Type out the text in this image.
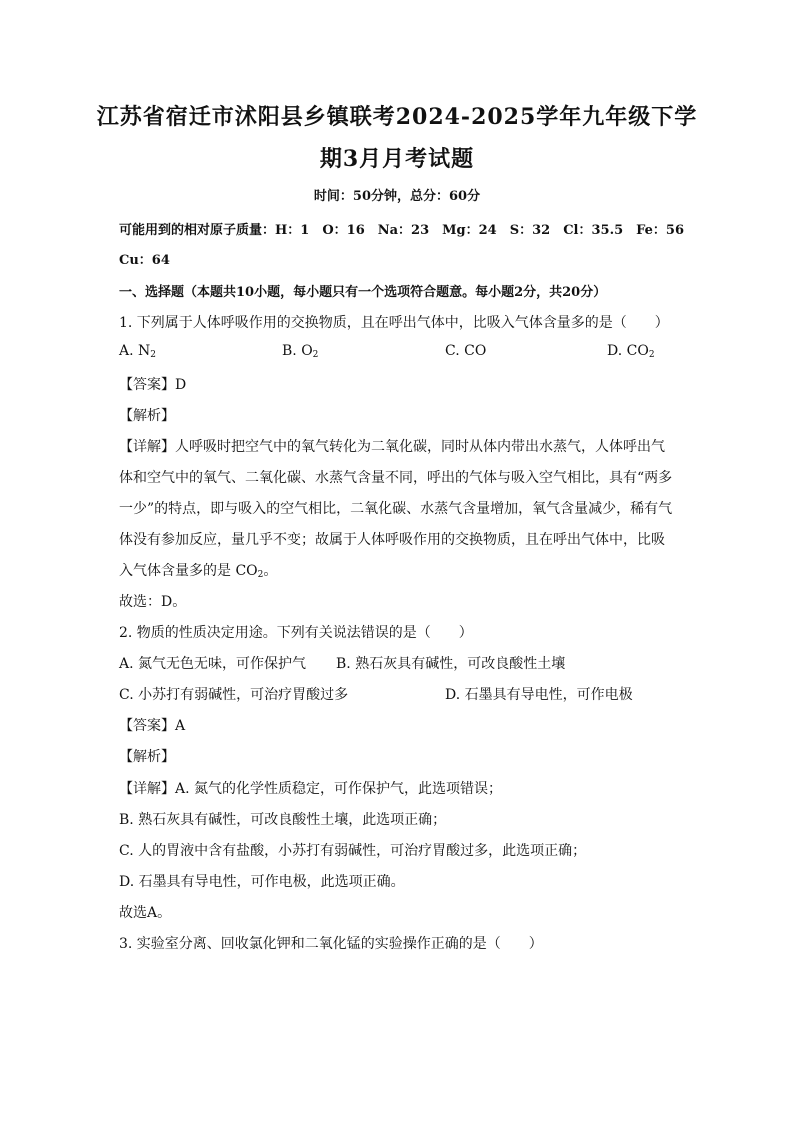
江苏省宿迁市沭阳县乡镇联考2024-2025学年九年级下学
期3月月考试题
时间：50分钟，总分：60分
可能用到的相对原子质量：H：1　O：16　Na：23　Mg：24　S：32　Cl：35.5　Fe：56
Cu：64
一、选择题（本题共10小题，每小题只有一个选项符合题意。每小题2分，共20分）
1. 下列属于人体呼吸作用的交换物质，且在呼出气体中，比吸入气体含量多的是（　　）
A. $N_2$	B. $O_2$	C. CO	D. $CO_2$
【答案】D
【解析】
【详解】人呼吸时把空气中的氧气转化为二氧化碳，同时从体内带出水蒸气，人体呼出气
体和空气中的氧气、二氧化碳、水蒸气含量不同，呼出的气体与吸入空气相比，具有“两多
一少”的特点，即与吸入的空气相比，二氧化碳、水蒸气含量增加，氧气含量减少，稀有气
体没有参加反应，量几乎不变；故属于人体呼吸作用的交换物质，且在呼出气体中，比吸
入气体含量多的是 $CO_2$。
故选：D。
2. 物质的性质决定用途。下列有关说法错误的是（　　）
A. 氮气无色无味，可作保护气 B. 熟石灰具有碱性，可改良酸性土壤
C. 小苏打有弱碱性，可治疗胃酸过多	D. 石墨具有导电性，可作电极
【答案】A
【解析】
【详解】A. 氮气的化学性质稳定，可作保护气，此选项错误；
B. 熟石灰具有碱性，可改良酸性土壤，此选项正确；
C. 人的胃液中含有盐酸，小苏打有弱碱性，可治疗胃酸过多，此选项正确；
D. 石墨具有导电性，可作电极，此选项正确。
故选A。
3. 实验室分离、回收氯化钾和二氧化锰的实验操作正确的是（　　）
